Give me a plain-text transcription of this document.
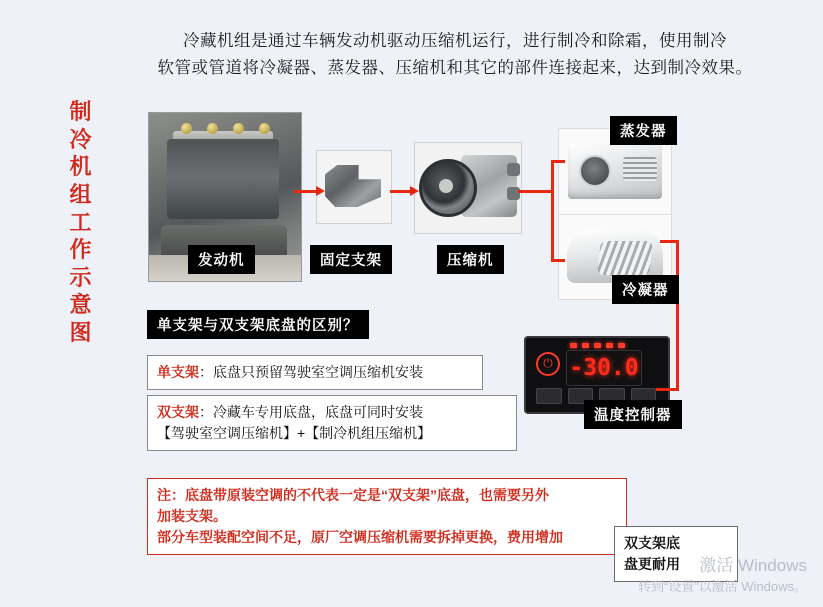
冷藏机组是通过车辆发动机驱动压缩机运行，进行制冷和除霜，使用制冷
软管或管道将冷凝器、蒸发器、压缩机和其它的部件连接起来，达到制冷效果。
制
冷
机
组
工
作
示
意
图
⏻ -30.0
发动机	固定支架	压缩机
蒸发器
冷凝器
温度控制器
单支架与双支架底盘的区别？
单支架：底盘只预留驾驶室空调压缩机安装
双支架：冷藏车专用底盘，底盘可同时安装
【驾驶室空调压缩机】+【制冷机组压缩机】
注：底盘带原装空调的不代表一定是“双支架”底盘，也需要另外
加装支架。
部分车型装配空间不足，原厂空调压缩机需要拆掉更换，费用增加	双支架底
盘更耐用	激活 Windows
转到“设置”以激活 Windows。
